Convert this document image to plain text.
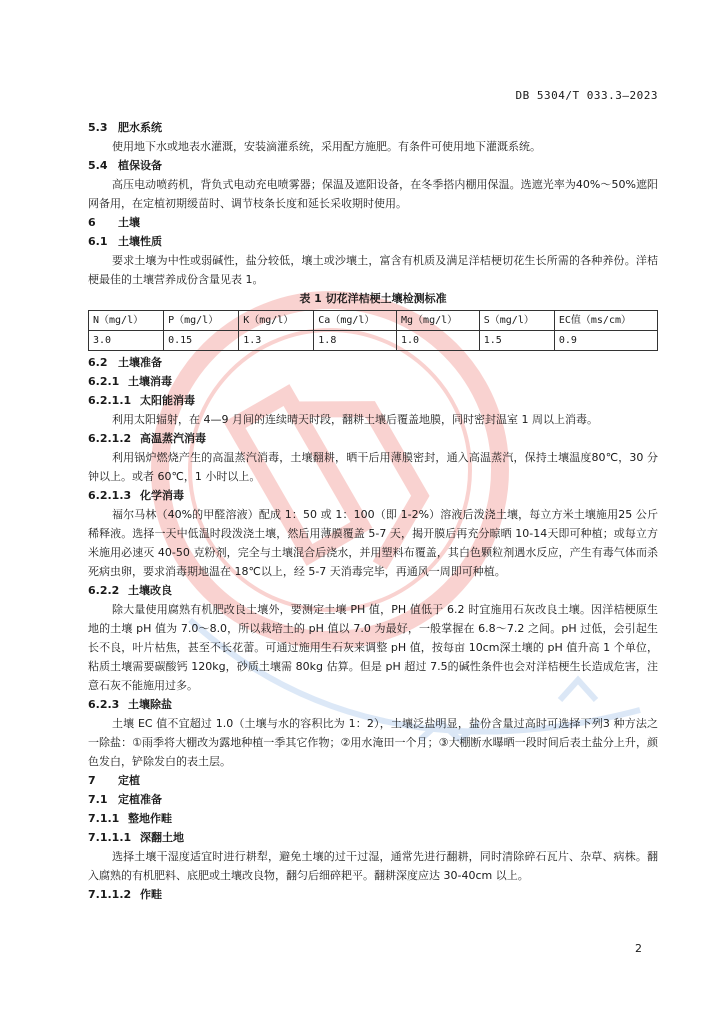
DB 5304/T 033.3—2023
5.3 肥水系统
使用地下水或地表水灌溉，安装滴灌系统，采用配方施肥。有条件可使用地下灌溉系统。
5.4 植保设备
高压电动喷药机，背负式电动充电喷雾器；保温及遮阳设备，在冬季搭内棚用保温。选遮光率为40%～50%遮阳网备用，在定植初期缓苗时、调节枝条长度和延长采收期时使用。
6 土壤
6.1 土壤性质
要求土壤为中性或弱碱性，盐分较低，壤土或沙壤土，富含有机质及满足洋桔梗切花生长所需的各种养份。洋桔梗最佳的土壤营养成份含量见表 1。
表 1 切花洋桔梗土壤检测标准
N（mg/l）	P（mg/l）	K（mg/l）	Ca（mg/l）	Mg（mg/l）	S（mg/l）	EC值（ms/cm）
3.0	0.15	1.3	1.8	1.0	1.5	0.9
6.2 土壤准备
6.2.1 土壤消毒
6.2.1.1 太阳能消毒
利用太阳辐射，在 4—9 月间的连续晴天时段，翻耕土壤后覆盖地膜，同时密封温室 1 周以上消毒。
6.2.1.2 高温蒸汽消毒
利用锅炉燃烧产生的高温蒸汽消毒，土壤翻耕，晒干后用薄膜密封，通入高温蒸汽，保持土壤温度80℃，30 分钟以上。或者 60℃，1 小时以上。
6.2.1.3 化学消毒
福尔马林（40%的甲醛溶液）配成 1：50 或 1：100（即 1-2%）溶液后泼浇土壤，每立方米土壤施用25 公斤稀释液。选择一天中低温时段泼浇土壤，然后用薄膜覆盖 5-7 天，揭开膜后再充分晾晒 10-14天即可种植；或每立方米施用必速灭 40-50 克粉剂，完全与土壤混合后浇水，并用塑料布覆盖，其白色颗粒剂遇水反应，产生有毒气体而杀死病虫卵，要求消毒期地温在 18℃以上，经 5-7 天消毒完毕，再通风一周即可种植。
6.2.2 土壤改良
除大量使用腐熟有机肥改良土壤外，要测定土壤 PH 值，PH 值低于 6.2 时宜施用石灰改良土壤。因洋桔梗原生地的土壤 pH 值为 7.0～8.0，所以栽培土的 pH 值以 7.0 为最好，一般掌握在 6.8～7.2 之间。pH 过低，会引起生长不良，叶片枯焦，甚至不长花蕾。可通过施用生石灰来调整 pH 值，按每亩 10cm深土壤的 pH 值升高 1 个单位，粘质土壤需要碳酸钙 120kg，砂质土壤需 80kg 估算。但是 pH 超过 7.5的碱性条件也会对洋桔梗生长造成危害，注意石灰不能施用过多。
6.2.3 土壤除盐
土壤 EC 值不宜超过 1.0（土壤与水的容积比为 1：2），土壤泛盐明显，盐份含量过高时可选择下列3 种方法之一除盐：①雨季将大棚改为露地种植一季其它作物；②用水淹田一个月；③大棚断水曝晒一段时间后表土盐分上升，颜色发白，铲除发白的表土层。
7 定植
7.1 定植准备
7.1.1 整地作畦
7.1.1.1 深翻土地
选择土壤干湿度适宜时进行耕犁，避免土壤的过干过湿，通常先进行翻耕，同时清除碎石瓦片、杂草、病株。翻入腐熟的有机肥料、底肥或土壤改良物，翻匀后细碎耙平。翻耕深度应达 30-40cm 以上。
7.1.1.2 作畦
2
